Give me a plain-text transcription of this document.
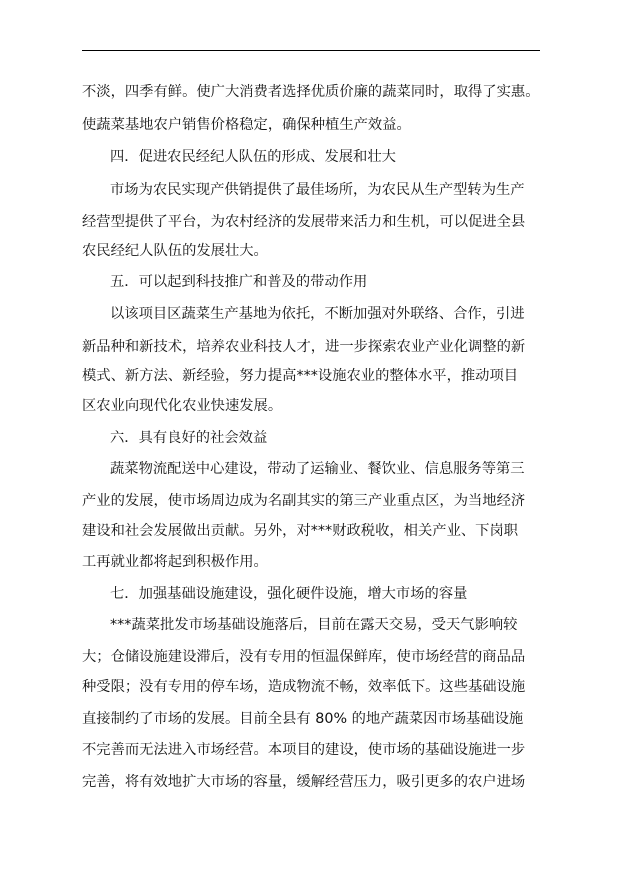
不淡，四季有鲜。使广大消费者选择优质价廉的蔬菜同时，取得了实惠。
使蔬菜基地农户销售价格稳定，确保种植生产效益。
四．促进农民经纪人队伍的形成、发展和壮大
市场为农民实现产供销提供了最佳场所，为农民从生产型转为生产
经营型提供了平台，为农村经济的发展带来活力和生机，可以促进全县
农民经纪人队伍的发展壮大。
五．可以起到科技推广和普及的带动作用
以该项目区蔬菜生产基地为依托，不断加强对外联络、合作，引进
新品种和新技术，培养农业科技人才，进一步探索农业产业化调整的新
模式、新方法、新经验，努力提高***设施农业的整体水平，推动项目
区农业向现代化农业快速发展。
六．具有良好的社会效益
蔬菜物流配送中心建设，带动了运输业、餐饮业、信息服务等第三
产业的发展，使市场周边成为名副其实的第三产业重点区，为当地经济
建设和社会发展做出贡献。另外，对***财政税收，相关产业、下岗职
工再就业都将起到积极作用。
七．加强基础设施建设，强化硬件设施，增大市场的容量
***蔬菜批发市场基础设施落后，目前在露天交易，受天气影响较
大；仓储设施建设滞后，没有专用的恒温保鲜库，使市场经营的商品品
种受限；没有专用的停车场，造成物流不畅，效率低下。这些基础设施
直接制约了市场的发展。目前全县有 80% 的地产蔬菜因市场基础设施
不完善而无法进入市场经营。本项目的建设，使市场的基础设施进一步
完善，将有效地扩大市场的容量，缓解经营压力，吸引更多的农户进场
